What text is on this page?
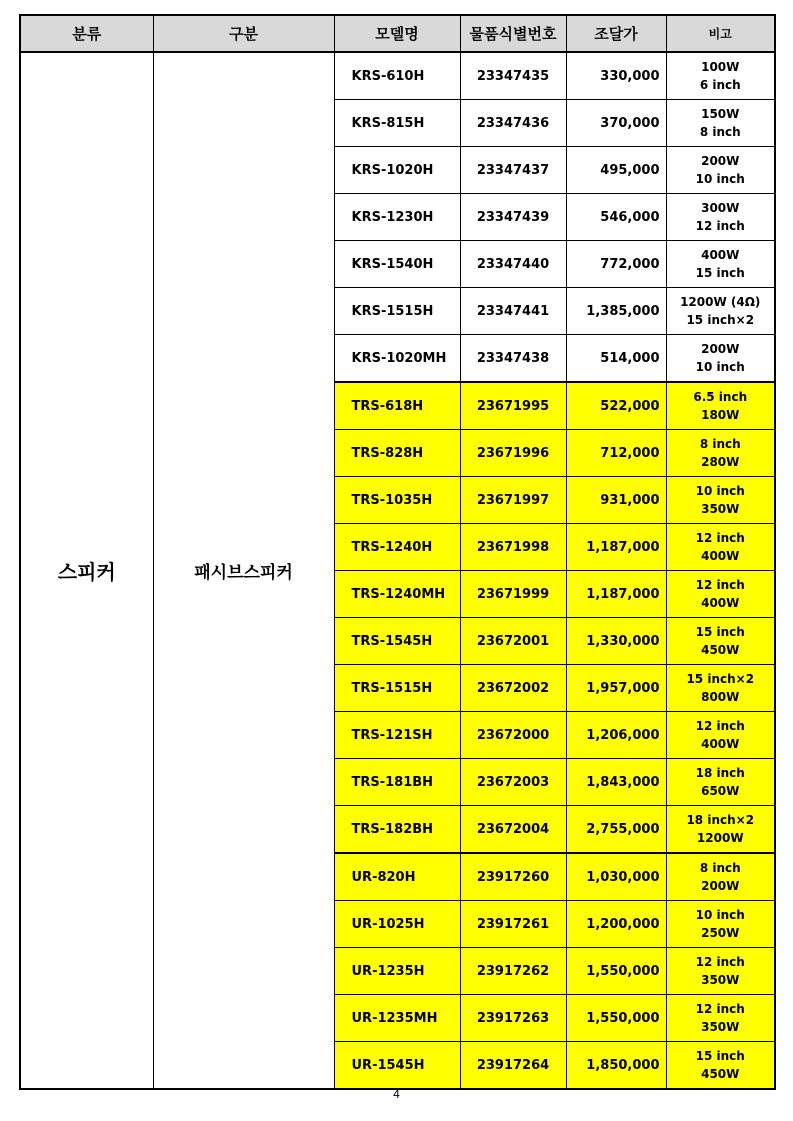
분류	구분	모델명	물품식별번호	조달가	비고
스피커	패시브스피커	KRS-610H	23347435	330,000	100W
6 inch

		KRS-815H	23347436	370,000	150W
8 inch

		KRS-1020H	23347437	495,000	200W
10 inch

		KRS-1230H	23347439	546,000	300W
12 inch

		KRS-1540H	23347440	772,000	400W
15 inch

		KRS-1515H	23347441	1,385,000	1200W (4Ω)
15 inch×2

		KRS-1020MH	23347438	514,000	200W
10 inch

		TRS-618H	23671995	522,000	6.5 inch
180W

		TRS-828H	23671996	712,000	8 inch
280W

		TRS-1035H	23671997	931,000	10 inch
350W

		TRS-1240H	23671998	1,187,000	12 inch
400W

		TRS-1240MH	23671999	1,187,000	12 inch
400W

		TRS-1545H	23672001	1,330,000	15 inch
450W

		TRS-1515H	23672002	1,957,000	15 inch×2
800W

		TRS-121SH	23672000	1,206,000	12 inch
400W

		TRS-181BH	23672003	1,843,000	18 inch
650W

		TRS-182BH	23672004	2,755,000	18 inch×2
1200W

		UR-820H	23917260	1,030,000	8 inch
200W

		UR-1025H	23917261	1,200,000	10 inch
250W

		UR-1235H	23917262	1,550,000	12 inch
350W

		UR-1235MH	23917263	1,550,000	12 inch
350W

		UR-1545H	23917264	1,850,000	15 inch
450W
4
